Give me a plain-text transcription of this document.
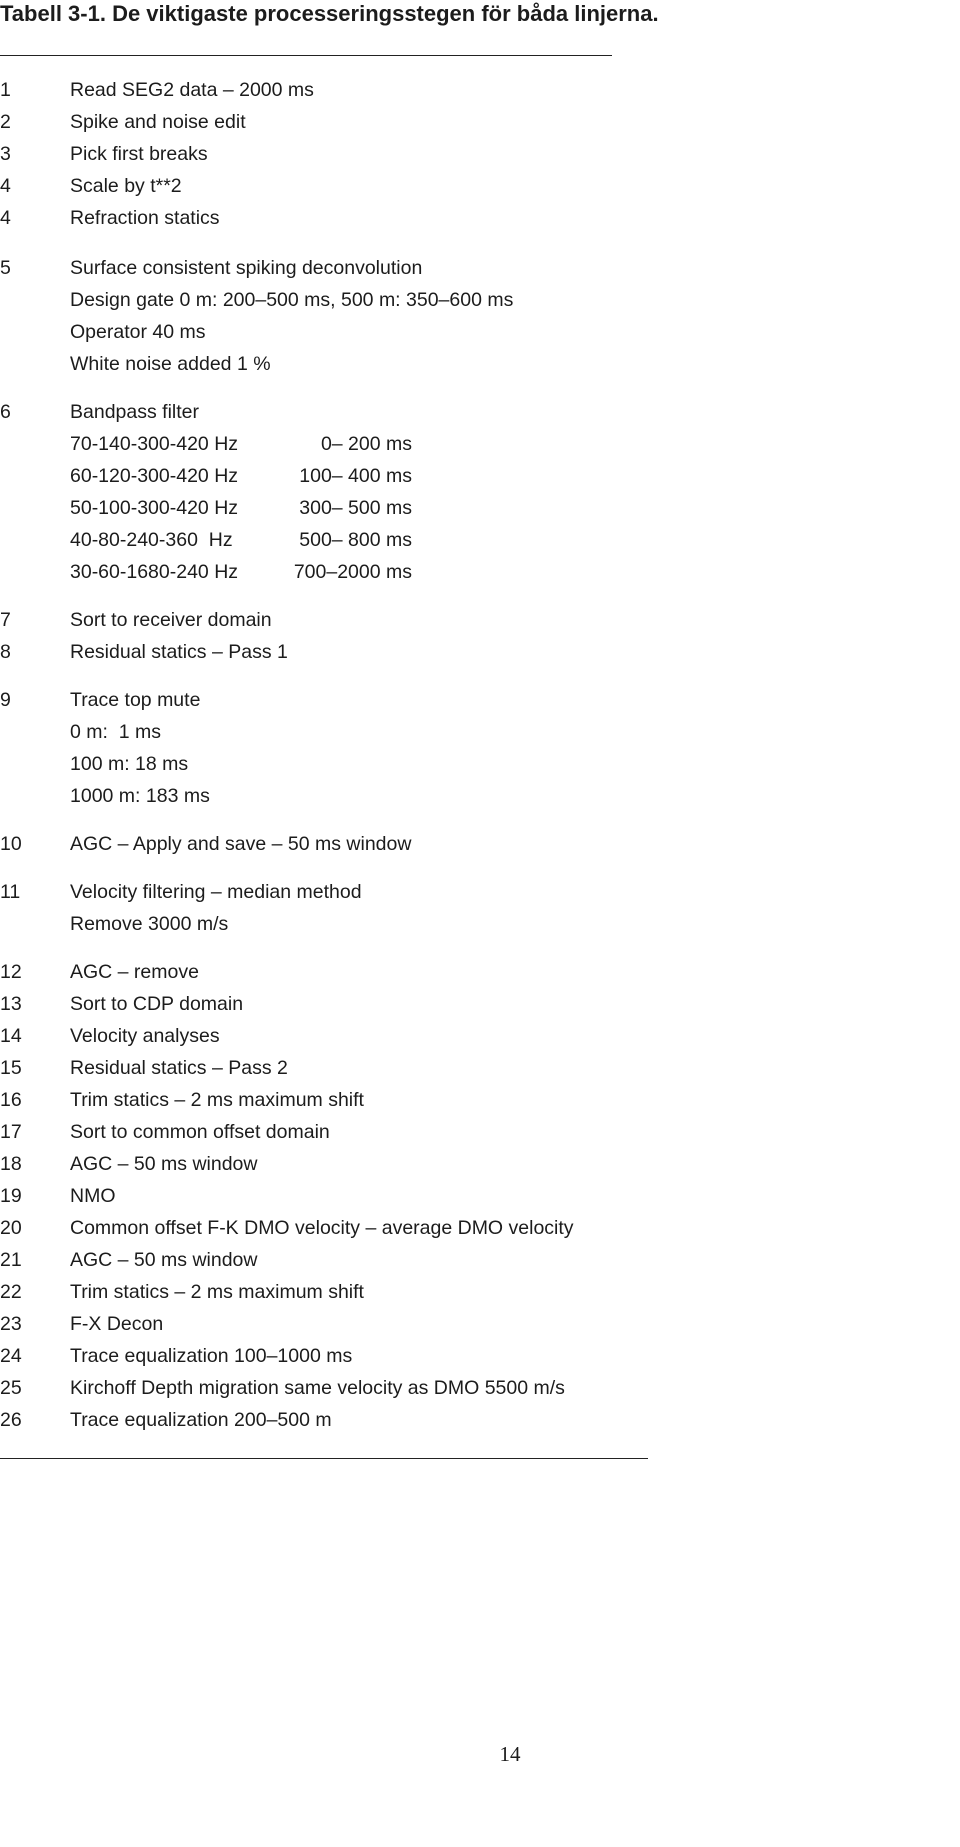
Tabell 3-1. De viktigaste processeringsstegen för båda linjerna.
1	Read SEG2 data – 2000 ms
2	Spike and noise edit
3	Pick first breaks
4	Scale by t**2
4	Refraction statics
5	Surface consistent spiking deconvolution
Design gate 0 m: 200–500 ms, 500 m: 350–600 ms
Operator 40 ms
White noise added 1 %
6	Bandpass filter
70-140-300-420 Hz	0– 200 ms
60-120-300-420 Hz	100– 400 ms
50-100-300-420 Hz	300– 500 ms
40-80-240-360  Hz	500– 800 ms
30-60-1680-240 Hz	700–2000 ms
7	Sort to receiver domain
8	Residual statics – Pass 1
9	Trace top mute
0 m:  1 ms
100 m: 18 ms
1000 m: 183 ms
10	AGC – Apply and save – 50 ms window
11	Velocity filtering – median method
Remove 3000 m/s
12	AGC – remove
13	Sort to CDP domain
14	Velocity analyses
15	Residual statics – Pass 2
16	Trim statics – 2 ms maximum shift
17	Sort to common offset domain
18	AGC – 50 ms window
19	NMO
20	Common offset F-K DMO velocity – average DMO velocity
21	AGC – 50 ms window
22	Trim statics – 2 ms maximum shift
23	F-X Decon
24	Trace equalization 100–1000 ms
25	Kirchoff Depth migration same velocity as DMO 5500 m/s
26	Trace equalization 200–500 m
14
